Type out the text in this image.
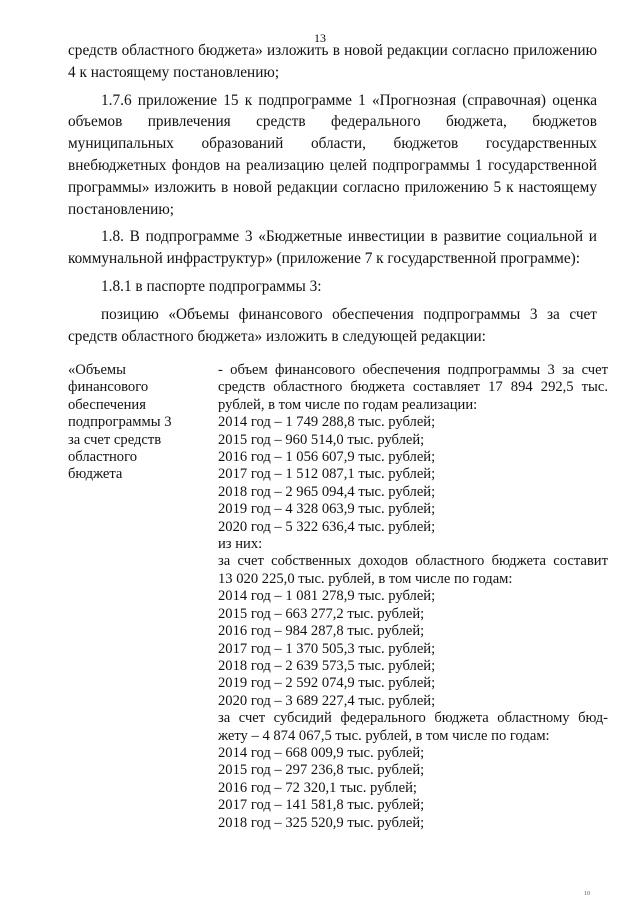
13

средств областного бюджета» изложить в новой редакции согласно приложению 4 к настоящему постановлению;

1.7.6 приложение 15 к подпрограмме 1 «Прогнозная (справочная) оценка объемов привлечения средств федерального бюджета, бюджетов муниципальных образований области, бюджетов государственных внебюджетных фондов на реализацию целей подпрограммы 1 государственной программы» изложить в новой редакции согласно приложению 5 к настоящему постановлению;

1.8. В подпрограмме 3 «Бюджетные инвестиции в развитие социальной и коммунальной инфраструктур» (приложение 7 к государственной программе):

1.8.1 в паспорте подпрограммы 3:

позицию «Объемы финансового обеспечения подпрограммы 3 за счет средств областного бюджета» изложить в следующей редакции:

«Объемы
финансового
обеспечения
подпрограммы 3
за счет средств
областного
бюджета
- объем финансового обеспечения подпрограммы 3 за счет
средств областного бюджета составляет 17 894 292,5 тыс.
рублей, в том числе по годам реализации:
2014 год – 1 749 288,8 тыс. рублей;
2015 год – 960 514,0 тыс. рублей;
2016 год – 1 056 607,9 тыс. рублей;
2017 год – 1 512 087,1 тыс. рублей;
2018 год – 2 965 094,4 тыс. рублей;
2019 год – 4 328 063,9 тыс. рублей;
2020 год – 5 322 636,4 тыс. рублей;
из них:
за счет собственных доходов областного бюджета составит
13 020 225,0 тыс. рублей, в том числе по годам:
2014 год – 1 081 278,9 тыс. рублей;
2015 год – 663 277,2 тыс. рублей;
2016 год – 984 287,8 тыс. рублей;
2017 год – 1 370 505,3 тыс. рублей;
2018 год – 2 639 573,5 тыс. рублей;
2019 год – 2 592 074,9 тыс. рублей;
2020 год – 3 689 227,4 тыс. рублей;
за счет субсидий федерального бюджета областному бюд-
жету – 4 874 067,5 тыс. рублей, в том числе по годам:
2014 год – 668 009,9 тыс. рублей;
2015 год – 297 236,8 тыс. рублей;
2016 год – 72 320,1 тыс. рублей;
2017 год – 141 581,8 тыс. рублей;
2018 год – 325 520,9 тыс. рублей;
10
